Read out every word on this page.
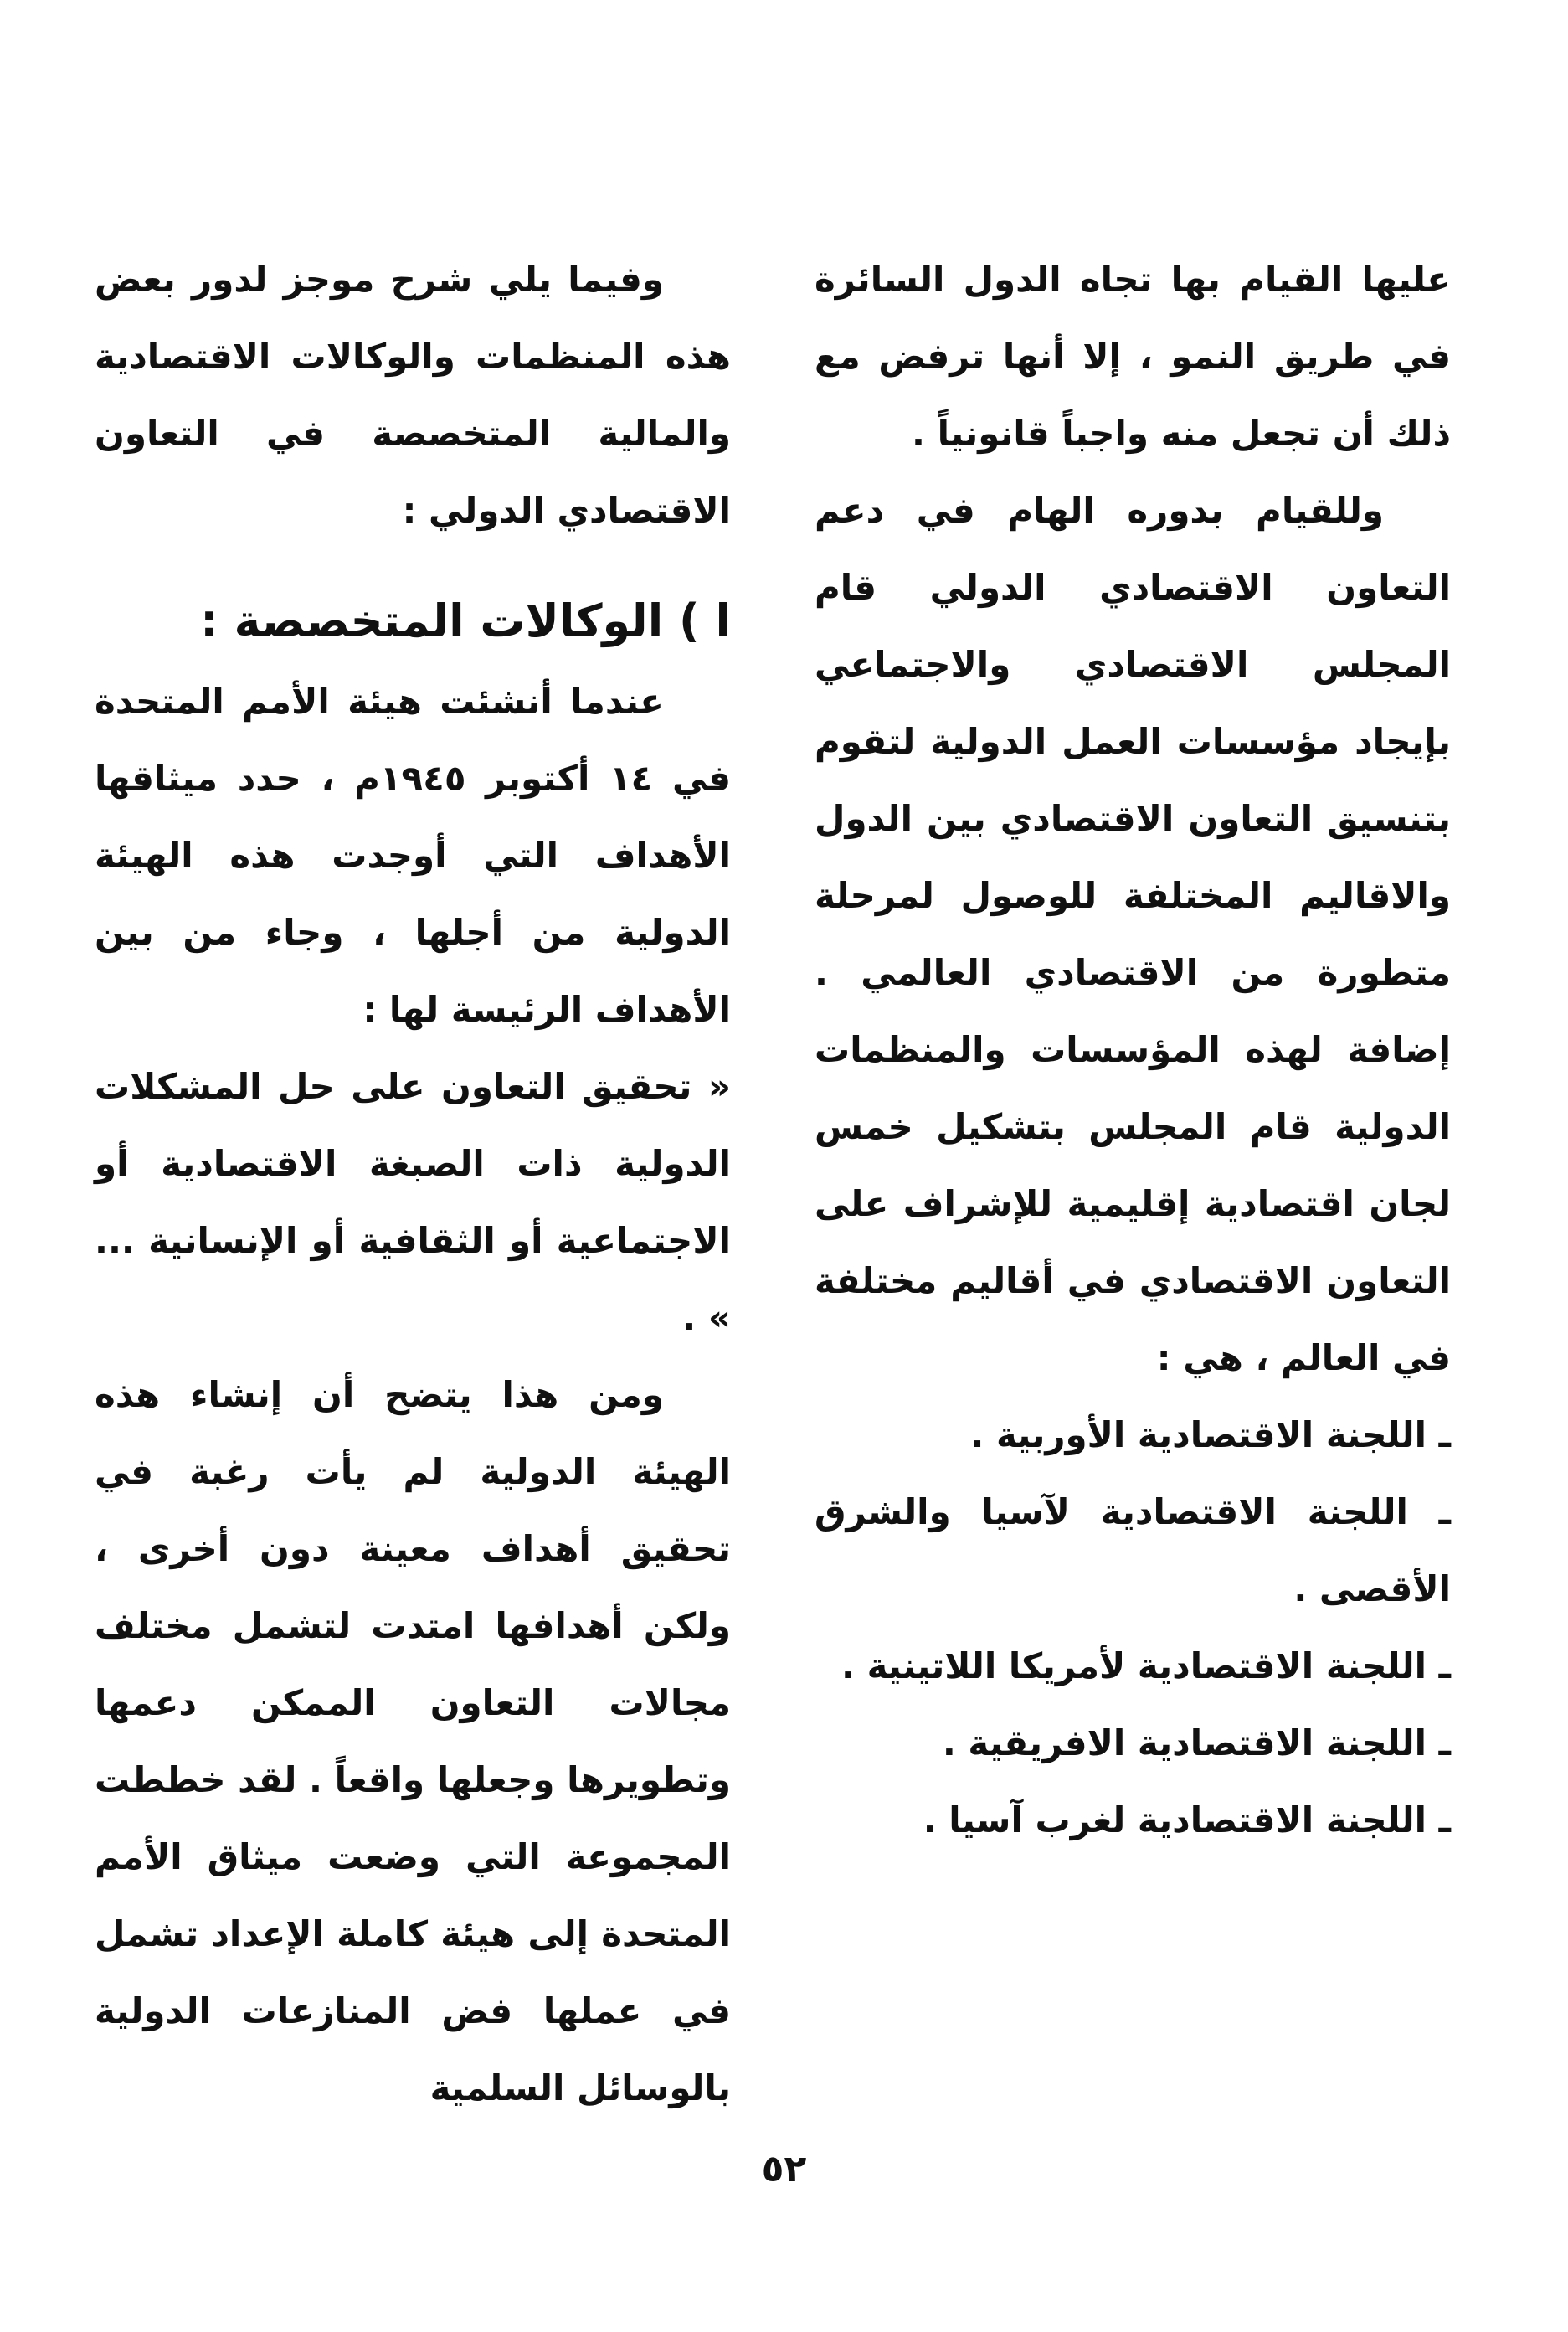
عليها القيام بها تجاه الدول السائرة في طريق النمو ، إلا أنها ترفض مع ذلك أن تجعل منه واجباً قانونياً .

وللقيام بدوره الهام في دعم التعاون الاقتصادي الدولي قام المجلس الاقتصادي والاجتماعي بإيجاد مؤسسات العمل الدولية لتقوم بتنسيق التعاون الاقتصادي بين الدول والاقاليم المختلفة للوصول لمرحلة متطورة من الاقتصادي العالمي . إضافة لهذه المؤسسات والمنظمات الدولية قام المجلس بتشكيل خمس لجان اقتصادية إقليمية للإشراف على التعاون الاقتصادي في أقاليم مختلفة في العالم ، هي :

ـ اللجنة الاقتصادية الأوربية .

ـ اللجنة الاقتصادية لآسيا والشرق الأقصى .

ـ اللجنة الاقتصادية لأمريكا اللاتينية .

ـ اللجنة الاقتصادية الافريقية .

ـ اللجنة الاقتصادية لغرب آسيا .

وفيما يلي شرح موجز لدور بعض هذه المنظمات والوكالات الاقتصادية والمالية المتخصصة في التعاون الاقتصادي الدولي :

ا ) الوكالات المتخصصة :

عندما أنشئت هيئة الأمم المتحدة في ١٤ أكتوبر ١٩٤٥م ، حدد ميثاقها الأهداف التي أوجدت هذه الهيئة الدولية من أجلها ، وجاء من بين الأهداف الرئيسة لها :

« تحقيق التعاون على حل المشكلات الدولية ذات الصبغة الاقتصادية أو الاجتماعية أو الثقافية أو الإنسانية ... » .

ومن هذا يتضح أن إنشاء هذه الهيئة الدولية لم يأت رغبة في تحقيق أهداف معينة دون أخرى ، ولكن أهدافها امتدت لتشمل مختلف مجالات التعاون الممكن دعمها وتطويرها وجعلها واقعاً . لقد خططت المجموعة التي وضعت ميثاق الأمم المتحدة إلى هيئة كاملة الإعداد تشمل في عملها فض المنازعات الدولية بالوسائل السلمية

٥٢
